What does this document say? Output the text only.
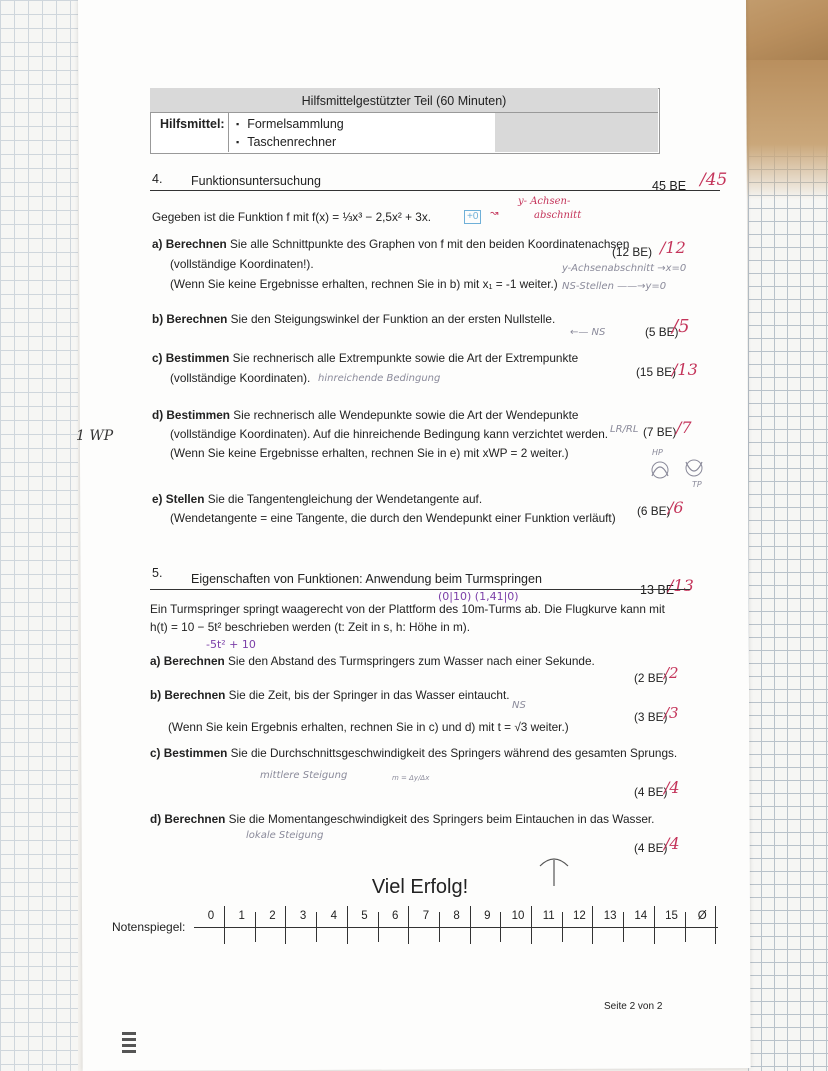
Hilfsmittelgestützter Teil (60 Minuten)
Hilfsmittel:
▪	Formelsammlung
▪ Taschenrechner
4. Funktionsuntersuchung	45 BE /45
Gegeben ist die Funktion f mit f(x) = ⅓x³ − 2,5x² + 3x.	+0	↝
y- Achsen-
abschnitt
a) Berechnen Sie alle Schnittpunkte des Graphen von f mit den beiden Koordinatenachsen
(12 BE) /12
(vollständige Koordinaten!).	y-Achsenabschnitt →x=0
(Wenn Sie keine Ergebnisse erhalten, rechnen Sie in b) mit x₁ = -1 weiter.) NS-Stellen ——→y=0
b) Berechnen Sie den Steigungswinkel der Funktion an der ersten Nullstelle.
←— NS	(5 BE)
/5
c) Bestimmen Sie rechnerisch alle Extrempunkte sowie die Art der Extrempunkte
(15 BE)
/13
(vollständige Koordinaten). hinreichende Bedingung
1 WP
d) Bestimmen Sie rechnerisch alle Wendepunkte sowie die Art der Wendepunkte
LR/RL (7 BE) /7
(vollständige Koordinaten). Auf die hinreichende Bedingung kann verzichtet werden.
(Wenn Sie keine Ergebnisse erhalten, rechnen Sie in e) mit xWP = 2 weiter.)	HP
TP
e) Stellen Sie die Tangentengleichung der Wendetangente auf.
(6 BE)
/6
(Wendetangente = eine Tangente, die durch den Wendepunkt einer Funktion verläuft)
5. Eigenschaften von Funktionen: Anwendung beim Turmspringen
13 BE
/13
(0|10) (1,41|0)
Ein Turmspringer springt waagerecht von der Plattform des 10m-Turms ab. Die Flugkurve kann mit
h(t) = 10 − 5t² beschrieben werden (t: Zeit in s, h: Höhe in m).
-5t² + 10
a) Berechnen Sie den Abstand des Turmspringers zum Wasser nach einer Sekunde.
(2 BE)
/2
b) Berechnen Sie die Zeit, bis der Springer in das Wasser eintaucht.
NS
(3 BE)
/3
(Wenn Sie kein Ergebnis erhalten, rechnen Sie in c) und d) mit t = √3 weiter.)
c) Bestimmen Sie die Durchschnittsgeschwindigkeit des Springers während des gesamten Sprungs.
mittlere Steigung	m = Δy/Δx
(4 BE)
/4
d) Berechnen Sie die Momentangeschwindigkeit des Springers beim Eintauchen in das Wasser.
lokale Steigung
(4 BE)
/4
Viel Erfolg!
Notenspiegel:
0	1	2	3	4	5	6	7	8	9	10	11	12	13	14	15	Ø
Seite 2 von 2
